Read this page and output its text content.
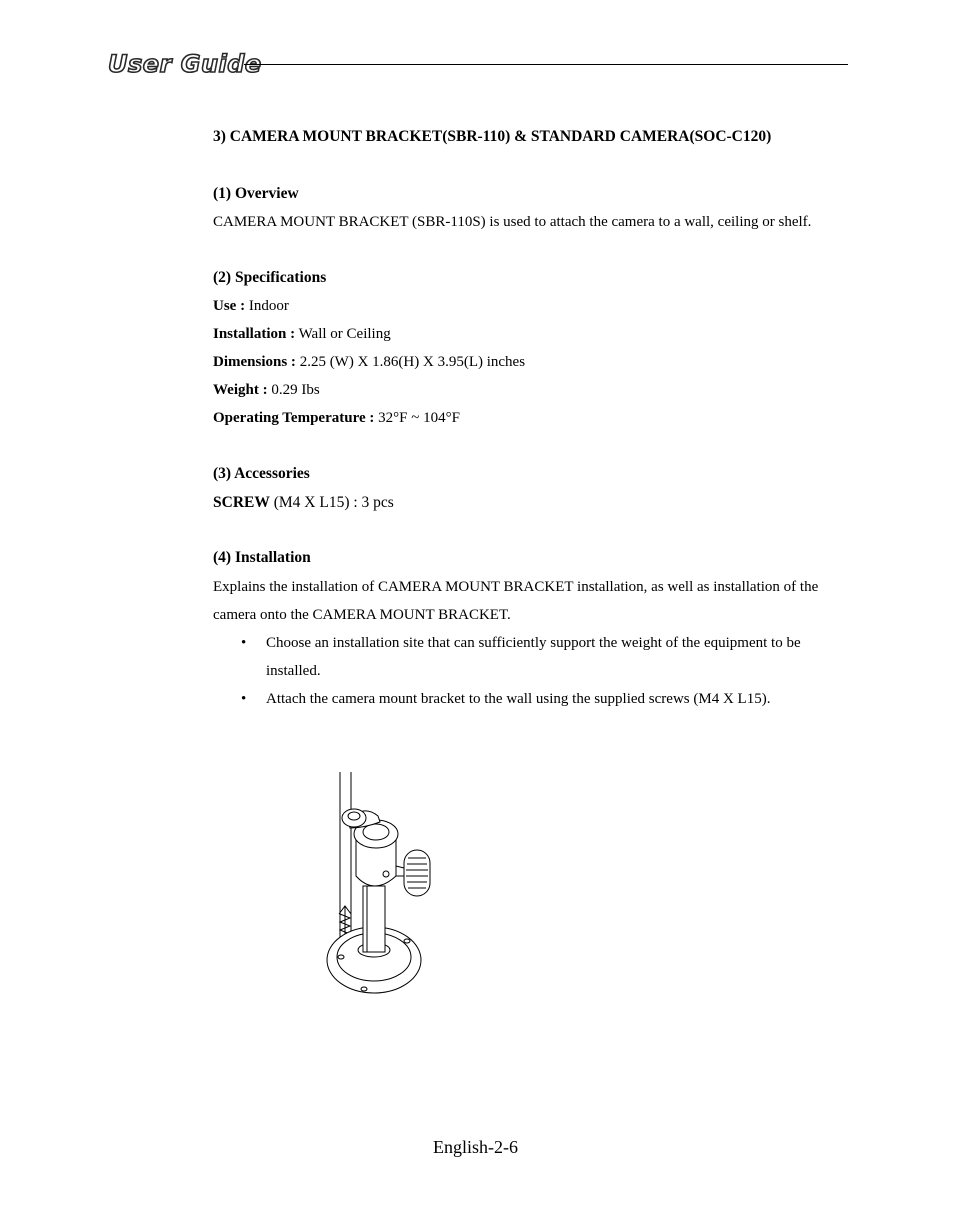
User Guide
3) CAMERA MOUNT BRACKET(SBR-110) & STANDARD CAMERA(SOC-C120)
(1) Overview
CAMERA MOUNT BRACKET (SBR-110S) is used to attach the camera to a wall, ceiling or shelf.
(2) Specifications
Use : Indoor
Installation : Wall or Ceiling
Dimensions : 2.25 (W) X 1.86(H) X 3.95(L) inches
Weight : 0.29 Ibs
Operating Temperature : 32°F ~ 104°F
(3) Accessories
SCREW (M4 X L15) : 3 pcs
(4) Installation
Explains the installation of CAMERA MOUNT BRACKET installation, as well as installation of the
camera onto the CAMERA MOUNT BRACKET.
• Choose an installation site that can sufficiently support the weight of the equipment to be
installed.
• Attach the camera mount bracket to the wall using the supplied screws (M4 X L15).
English-2-6
